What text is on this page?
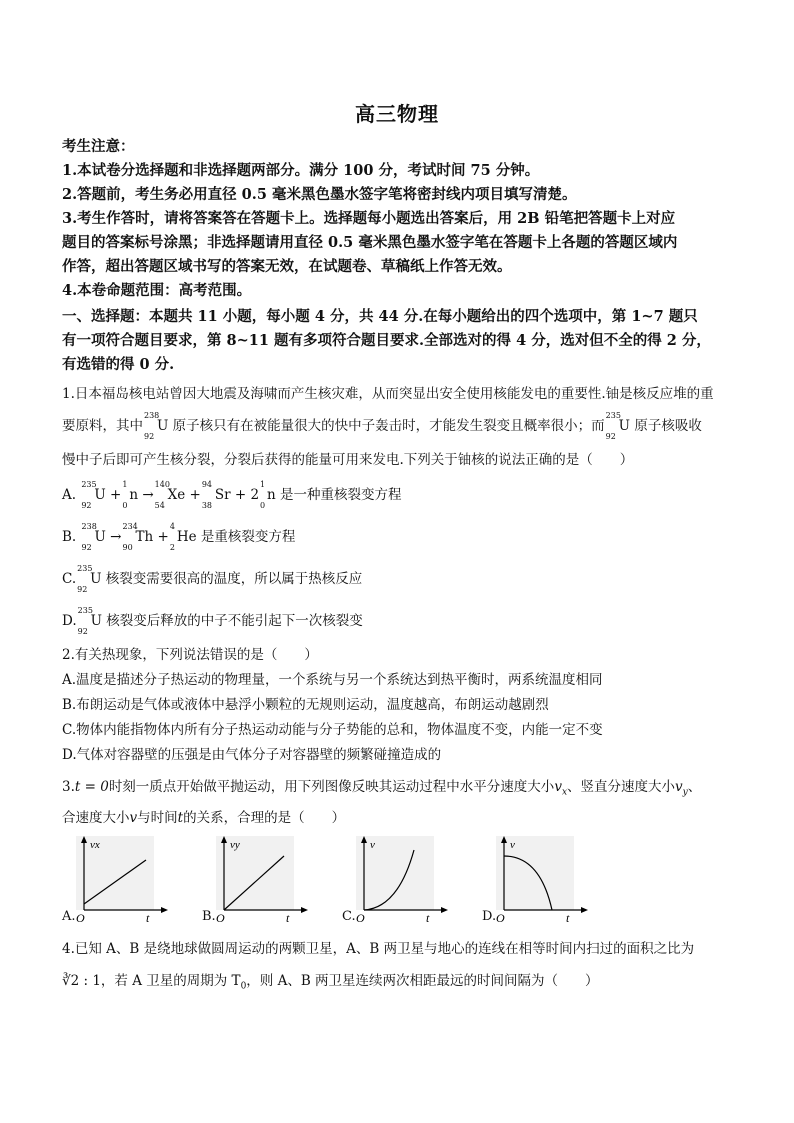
高三物理
考生注意：
1.本试卷分选择题和非选择题两部分。满分 100 分，考试时间 75 分钟。
2.答题前，考生务必用直径 0.5 毫米黑色墨水签字笔将密封线内项目填写清楚。
3.考生作答时，请将答案答在答题卡上。选择题每小题选出答案后，用 2B 铅笔把答题卡上对应
题目的答案标号涂黑；非选择题请用直径 0.5 毫米黑色墨水签字笔在答题卡上各题的答题区域内
作答，超出答题区域书写的答案无效，在试题卷、草稿纸上作答无效。
4.本卷命题范围：高考范围。
一、选择题：本题共 11 小题，每小题 4 分，共 44 分.在每小题给出的四个选项中，第 1~7 题只
有一项符合题目要求，第 8~11 题有多项符合题目要求.全部选对的得 4 分，选对但不全的得 2 分，
有选错的得 0 分.
1.日本福岛核电站曾因大地震及海啸而产生核灾难，从而突显出安全使用核能发电的重要性.铀是核反应堆的重
要原料，其中
238
92
U 原子核只有在被能量很大的快中子轰击时，才能发生裂变且概率很小；而
235
92
U 原子核吸收
慢中子后即可产生核分裂，分裂后获得的能量可用来发电.下列关于铀核的说法正确的是（　　）
A.
235
92
U +
1
0
n →
140
54
Xe +
94
38
Sr + 2
1
0
n 是一种重核裂变方程
B.
238
92
U →
234
90
Th +
4
2
He 是重核裂变方程
C.
235
92
U 核裂变需要很高的温度，所以属于热核反应
D.
235
92
U 核裂变后释放的中子不能引起下一次核裂变
2.有关热现象，下列说法错误的是（　　）
A.温度是描述分子热运动的物理量，一个系统与另一个系统达到热平衡时，两系统温度相同
B.布朗运动是气体或液体中悬浮小颗粒的无规则运动，温度越高，布朗运动越剧烈
C.物体内能指物体内所有分子热运动动能与分子势能的总和，物体温度不变，内能一定不变
D.气体对容器壁的压强是由气体分子对容器壁的频繁碰撞造成的
3.t = 0时刻一质点开始做平抛运动，用下列图像反映其运动过程中水平分速度大小$v_x$、竖直分速度大小$v_y$、
合速度大小v与时间t的关系，合理的是（　　）
A.
vx
O	t	B.
vy
O	t	C.
v
O	t	D.
v
O	t
4.已知 A、B 是绕地球做圆周运动的两颗卫星，A、B 两卫星与地心的连线在相等时间内扫过的面积之比为
∛2 : 1，若 A 卫星的周期为 $T_0$，则 A、B 两卫星连续两次相距最远的时间间隔为（　　）
